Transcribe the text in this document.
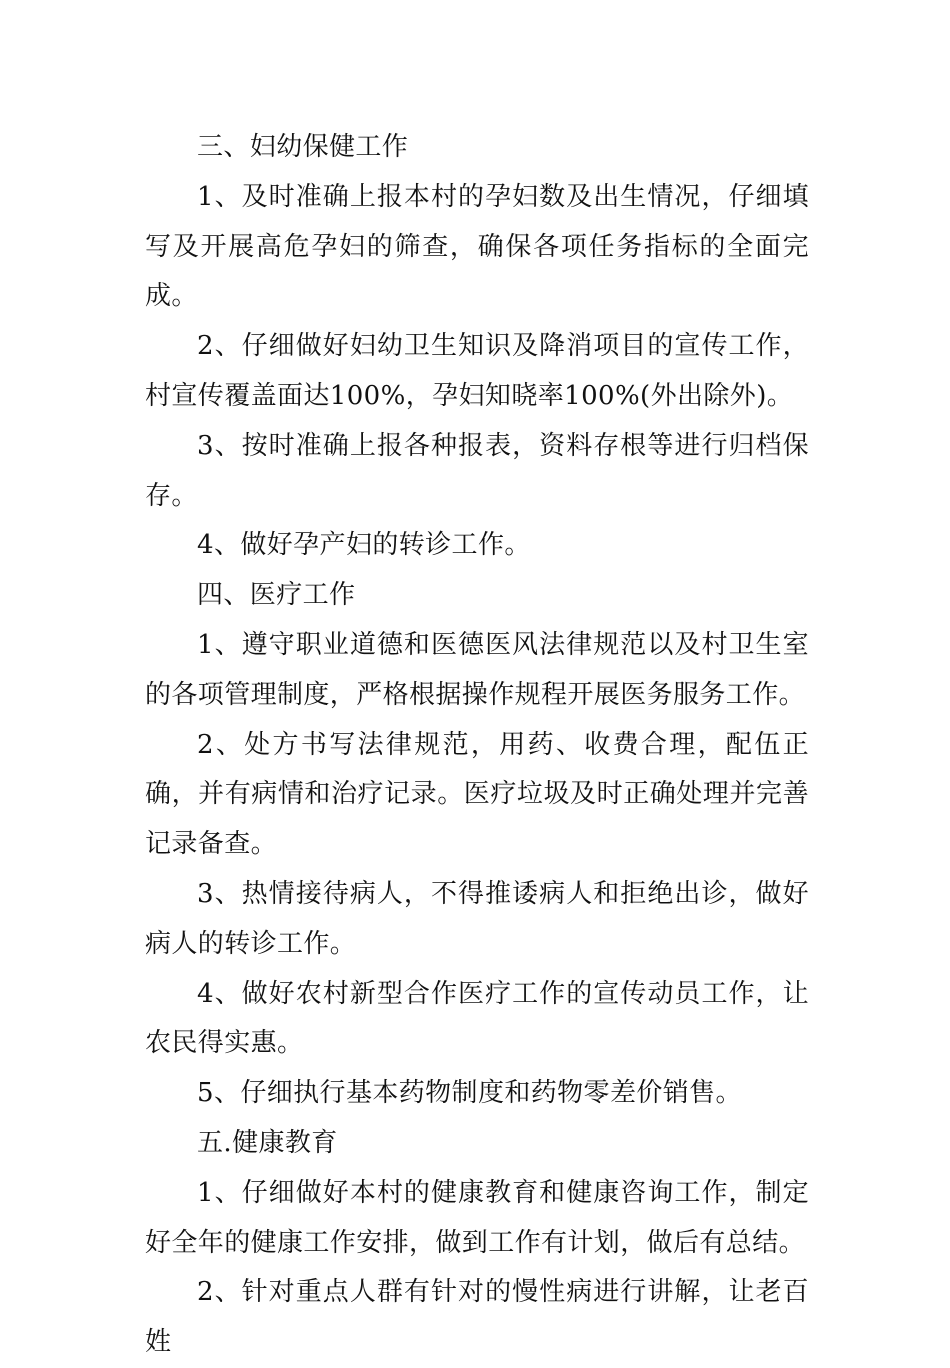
三、妇幼保健工作

1、及时准确上报本村的孕妇数及出生情况，仔细填写及开展高危孕妇的筛查，确保各项任务指标的全面完成。

2、仔细做好妇幼卫生知识及降消项目的宣传工作，村宣传覆盖面达100%，孕妇知晓率100%(外出除外)。

3、按时准确上报各种报表，资料存根等进行归档保存。

4、做好孕产妇的转诊工作。

四、医疗工作

1、遵守职业道德和医德医风法律规范以及村卫生室的各项管理制度，严格根据操作规程开展医务服务工作。

2、处方书写法律规范，用药、收费合理，配伍正确，并有病情和治疗记录。医疗垃圾及时正确处理并完善记录备查。

3、热情接待病人，不得推诿病人和拒绝出诊，做好病人的转诊工作。

4、做好农村新型合作医疗工作的宣传动员工作，让农民得实惠。

5、仔细执行基本药物制度和药物零差价销售。

五.健康教育

1、仔细做好本村的健康教育和健康咨询工作，制定好全年的健康工作安排，做到工作有计划，做后有总结。

2、针对重点人群有针对的慢性病进行讲解，让老百姓
